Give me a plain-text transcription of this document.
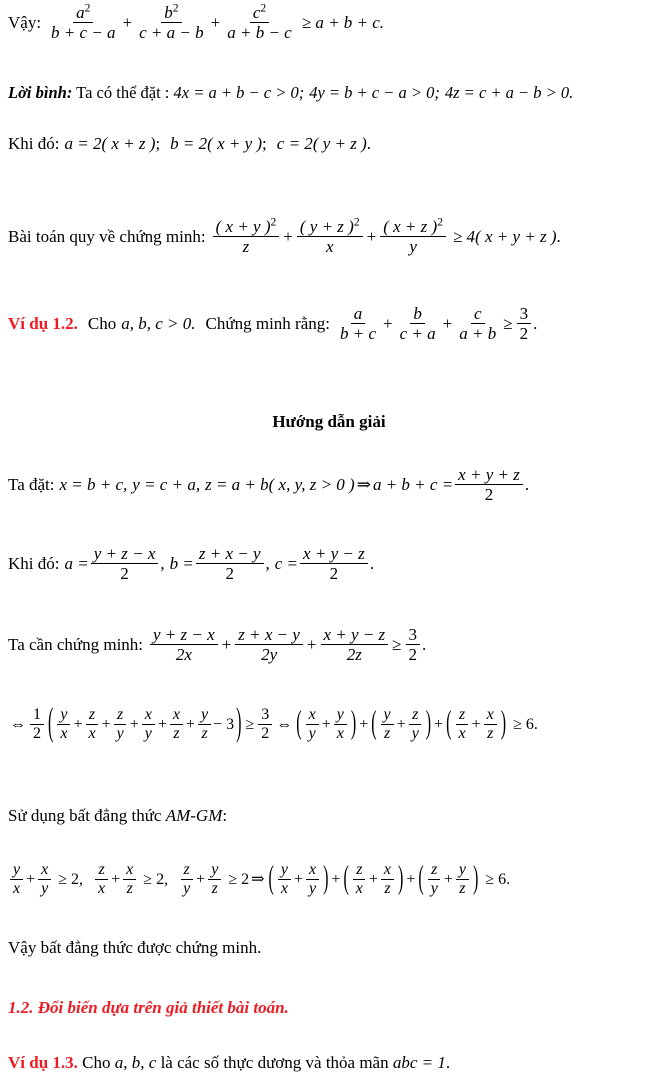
Vậy: $\frac{a^2}{b + c - a} + \frac{b^2}{c + a - b} + \frac{c^2}{a + b - c} \ge a + b + c$.
Lời bình: Ta có thể đặt : 4x = a + b − c > 0; 4y = b + c − a > 0; 4z = c + a − b > 0.
Khi đó: a = 2 ( x + z ) ; b = 2 ( x + y ) ; c = 2 ( y + z ) .
Bài toán quy về chứng minh: $\frac{( x + y )^2}{z} + \frac{( y + z )^2}{x} + \frac{( x + z )^2}{y} \ge 4$ ( x + y + z ) .
Ví dụ 1.2. Cho a, b, c > 0. Chứng minh rằng: $\frac{a}{b + c} + \frac{b}{c + a} + \frac{c}{a + b} \ge \frac{3}{2}$ .
Hướng dẫn giải
Ta đặt: x = b + c, y = c + a, z = a + b ( x, y, z > 0 ) ⇒ $a + b + c = \frac{x + y + z}{2}$ .
Khi đó: $a = \frac{y + z - x}{2}$ , $b = \frac{z + x - y}{2}$ , $c = \frac{x + y - z}{2}$ .
Ta cần chứng minh: $\frac{y + z - x}{2x} + \frac{z + x - y}{2y} + \frac{x + y - z}{2z} \ge \frac{3}{2}$ .
⇔ $\frac{1}{2}$ ( $\frac{y}{x} + \frac{z}{x} + \frac{z}{y} + \frac{x}{y} + \frac{x}{z} + \frac{y}{z} - 3$ ) ≥ $\frac{3}{2}$ ⇔ ( $\frac{x}{y} + \frac{y}{x}$ ) + ( $\frac{y}{z} + \frac{z}{y}$ ) + ( $\frac{z}{x} + \frac{x}{z}$ ) ≥ 6.
Sử dụng bất đẳng thức AM-GM :
$\frac{y}{x} + \frac{x}{y} \ge 2$, $\frac{z}{x} + \frac{x}{z} \ge 2$, $\frac{z}{y} + \frac{y}{z} \ge 2$ ⇒ ( $\frac{y}{x} + \frac{x}{y}$ ) + ( $\frac{z}{x} + \frac{x}{z}$ ) + ( $\frac{z}{y} + \frac{y}{z}$ ) ≥ 6.
Vậy bất đẳng thức được chứng minh.
1.2. Đổi biến dựa trên giả thiết bài toán.
Ví dụ 1.3. Cho a, b, c là các số thực dương và thỏa mãn abc = 1 .
